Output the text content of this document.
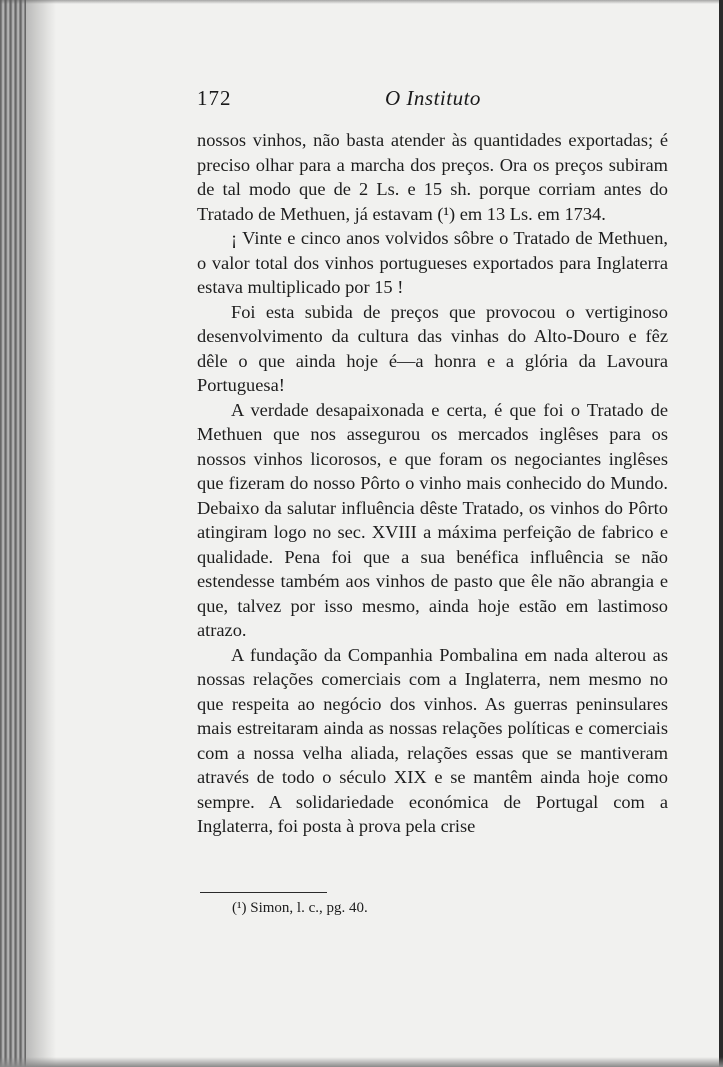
172	O Instituto

nossos vinhos, não basta atender às quantidades exportadas; é preciso olhar para a marcha dos preços. Ora os preços subiram de tal modo que de 2 Ls. e 15 sh. porque corriam antes do Tratado de Methuen, já estavam (¹) em 13 Ls. em 1734.

¡ Vinte e cinco anos volvidos sôbre o Tratado de Methuen, o valor total dos vinhos portugueses exportados para Inglaterra estava multiplicado por 15 !

Foi esta subida de preços que provocou o vertiginoso desenvolvimento da cultura das vinhas do Alto-Douro e fêz dêle o que ainda hoje é—a honra e a glória da Lavoura Portuguesa!

A verdade desapaixonada e certa, é que foi o Tratado de Methuen que nos assegurou os mercados inglêses para os nossos vinhos licorosos, e que foram os negociantes inglêses que fizeram do nosso Pôrto o vinho mais conhecido do Mundo. Debaixo da salutar influência dêste Tratado, os vinhos do Pôrto atingiram logo no sec. XVIII a máxima perfeição de fabrico e qualidade. Pena foi que a sua benéfica influência se não estendesse também aos vinhos de pasto que êle não abrangia e que, talvez por isso mesmo, ainda hoje estão em lastimoso atrazo.

A fundação da Companhia Pombalina em nada alterou as nossas relações comerciais com a Inglaterra, nem mesmo no que respeita ao negócio dos vinhos. As guerras peninsulares mais estreitaram ainda as nossas relações políticas e comerciais com a nossa velha aliada, relações essas que se mantiveram através de todo o século XIX e se mantêm ainda hoje como sempre. A solidariedade económica de Portugal com a Inglaterra, foi posta à prova pela crise

(¹) Simon, l. c., pg. 40.
